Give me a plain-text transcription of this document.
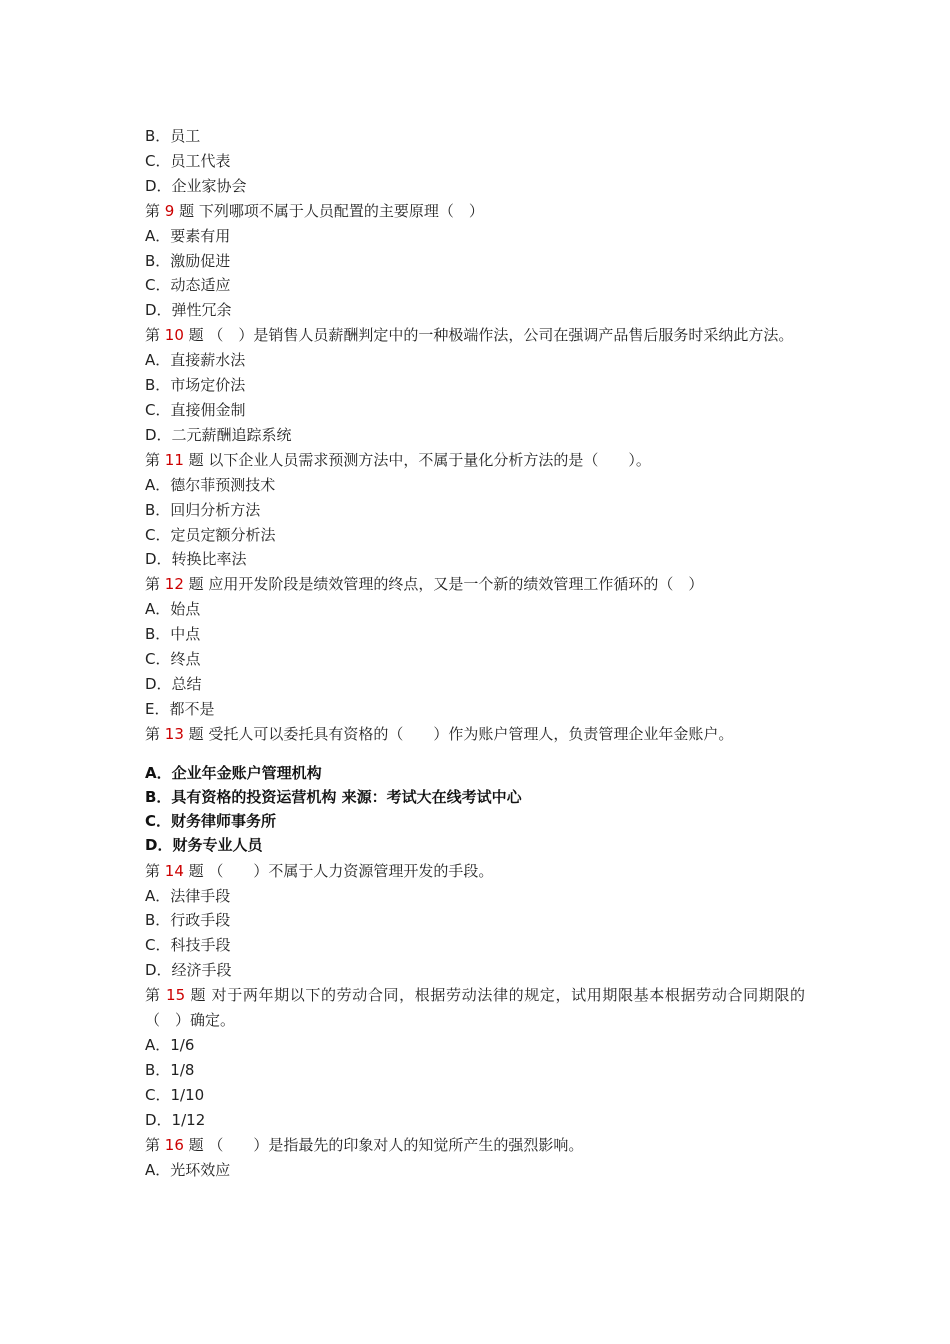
B．员工
C．员工代表
D．企业家协会
第 9 题 下列哪项不属于人员配置的主要原理（　）
A．要素有用
B．激励促进
C．动态适应
D．弹性冗余
第 10 题 （　）是销售人员薪酬判定中的一种极端作法，公司在强调产品售后服务时采纳此方法。
A．直接薪水法
B．市场定价法
C．直接佣金制
D．二元薪酬追踪系统
第 11 题 以下企业人员需求预测方法中，不属于量化分析方法的是（　　）。
A．德尔菲预测技术
B．回归分析方法
C．定员定额分析法
D．转换比率法
第 12 题 应用开发阶段是绩效管理的终点，又是一个新的绩效管理工作循环的（　）
A．始点
B．中点
C．终点
D．总结
E．都不是
第 13 题 受托人可以委托具有资格的（　　）作为账户管理人，负责管理企业年金账户。
A．企业年金账户管理机构
B．具有资格的投资运营机构 来源：考试大在线考试中心
C．财务律师事务所
D．财务专业人员
第 14 题 （　　）不属于人力资源管理开发的手段。
A．法律手段
B．行政手段
C．科技手段
D．经济手段
第 15 题 对于两年期以下的劳动合同，根据劳动法律的规定，试用期限基本根据劳动合同期限的（　）确定。
A．1/6
B．1/8
C．1/10
D．1/12
第 16 题 （　　）是指最先的印象对人的知觉所产生的强烈影响。
A．光环效应
